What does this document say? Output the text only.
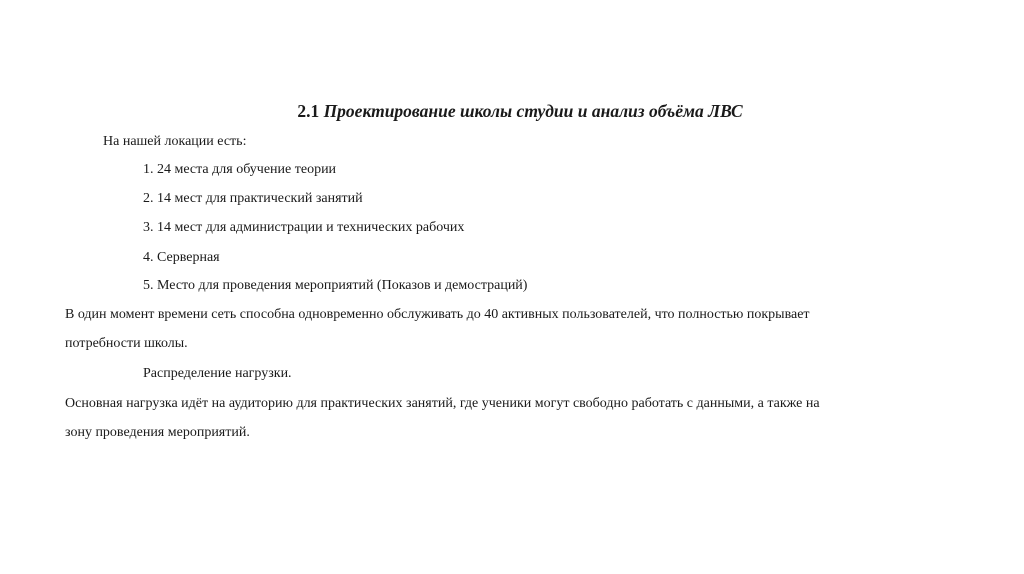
2.1 Проектирование школы студии и анализ объёма ЛВС
На нашей локации есть:
1. 24 места для обучение теории
2. 14 мест для практический занятий
3. 14 мест для администрации и технических рабочих
4. Серверная
5. Место для проведения мероприятий (Показов и демостраций)
В один момент времени сеть способна одновременно обслуживать до 40 активных пользователей, что полностью покрывает
потребности школы.
Распределение нагрузки.
Основная нагрузка идёт на аудиторию для практических занятий, где ученики могут свободно работать с данными, а также на
зону проведения мероприятий.
